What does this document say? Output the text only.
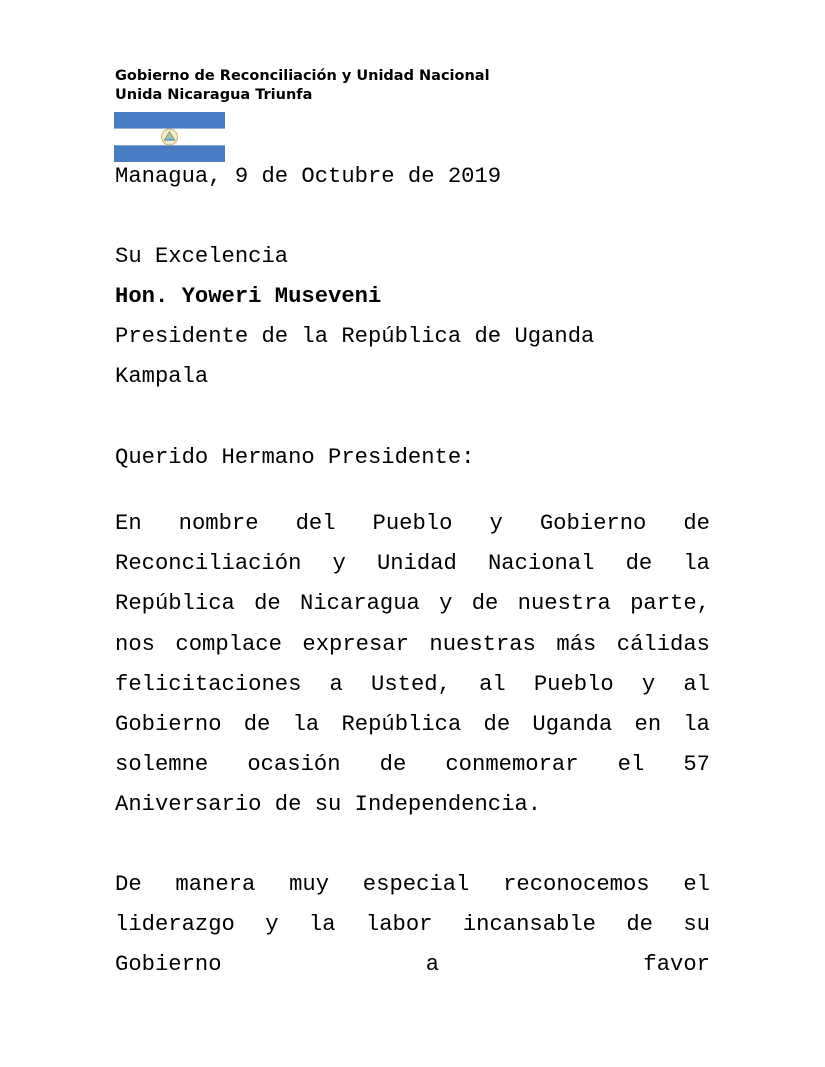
Gobierno de Reconciliación y Unidad Nacional
Unida Nicaragua Triunfa
Managua, 9 de Octubre de 2019
Su Excelencia
Hon. Yoweri Museveni
Presidente de la República de Uganda
Kampala
Querido Hermano Presidente:
En nombre del Pueblo y Gobierno de Reconciliación y Unidad Nacional de la República de Nicaragua y de nuestra parte, nos complace expresar nuestras más cálidas felicitaciones a Usted, al Pueblo y al Gobierno de la República de Uganda en la solemne ocasión de conmemorar el 57 Aniversario de su Independencia.
De manera muy especial reconocemos el liderazgo y la labor incansable de su Gobierno a favor
